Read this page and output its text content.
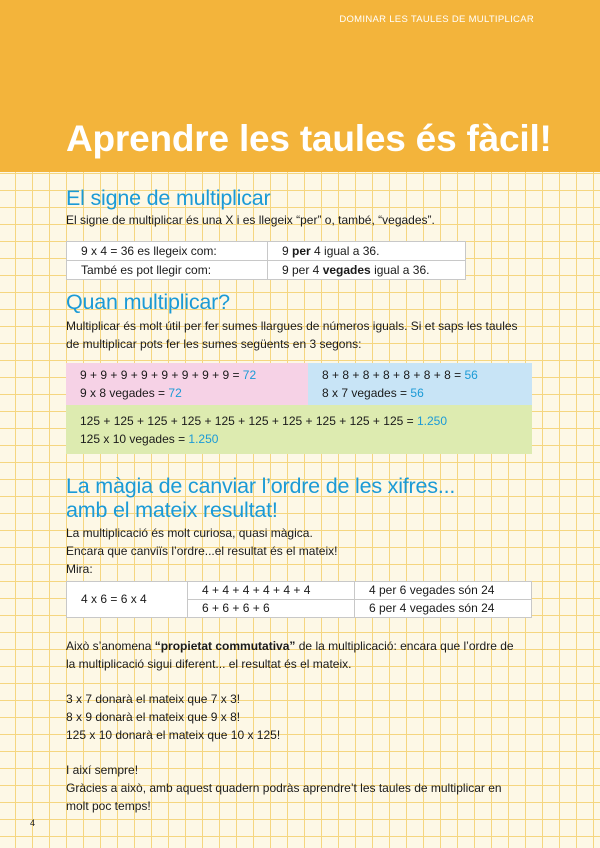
DOMINAR LES TAULES DE MULTIPLICAR
Aprendre les taules és fàcil!
El signe de multiplicar

El signe de multiplicar és una X i es llegeix “per” o, també, “vegades”.

9 x 4 = 36 es llegeix com:	9 per 4 igual a 36.
També es pot llegir com:	9 per 4 vegades igual a 36.
Quan multiplicar?

Multiplicar és molt útil per fer sumes llargues de números iguals. Si et saps les taules

de multiplicar pots fer les sumes següents en 3 segons:

9 + 9 + 9 + 9 + 9 + 9 + 9 + 9 = 72
9 x 8 vegades = 72
8 + 8 + 8 + 8 + 8 + 8 + 8 = 56
8 x 7 vegades = 56
125 + 125 + 125 + 125 + 125 + 125 + 125 + 125 + 125 + 125 = 1.250
125 x 10 vegades = 1.250
La màgia de canviar l’ordre de les xifres...
amb el mateix resultat!

La multiplicació és molt curiosa, quasi màgica.

Encara que canviïs l’ordre...el resultat és el mateix!

Mira:

4 x 6 = 6 x 4	4 + 4 + 4 + 4 + 4 + 4	4 per 6 vegades són 24
	6 + 6 + 6 + 6	6 per 4 vegades són 24

Això s’anomena “propietat commutativa” de la multiplicació: encara que l’ordre de

la multiplicació sigui diferent... el resultat és el mateix.

3 x 7 donarà el mateix que 7 x 3!

8 x 9 donarà el mateix que 9 x 8!

125 x 10 donarà el mateix que 10 x 125!

I així sempre!

Gràcies a això, amb aquest quadern podràs aprendre’t les taules de multiplicar en

molt poc temps!

4
